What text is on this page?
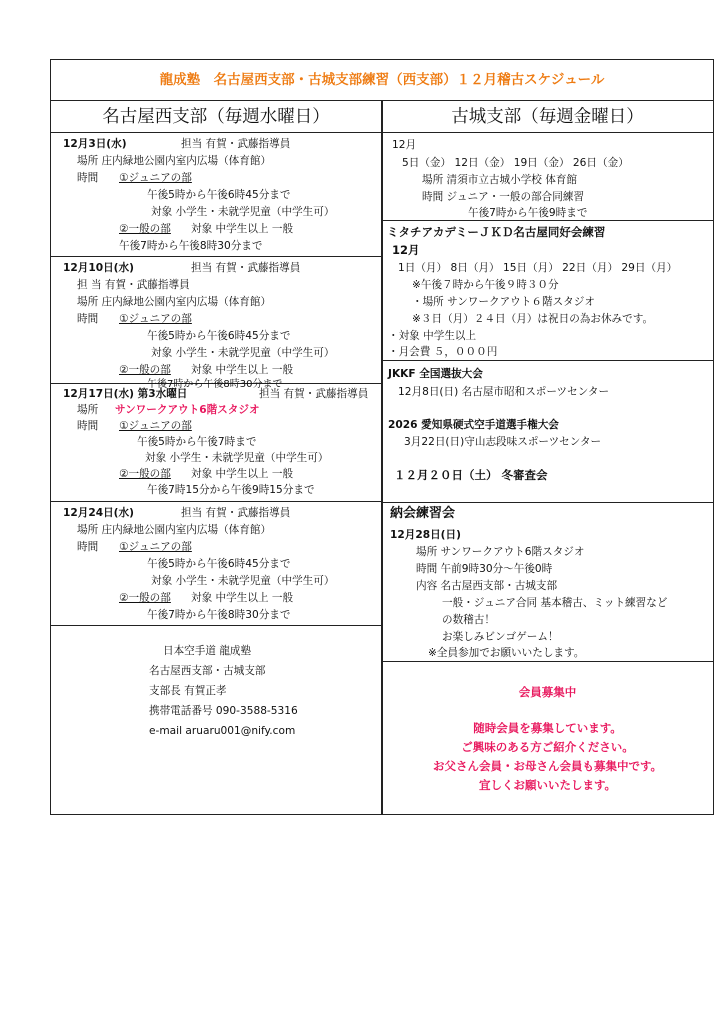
龍成塾　名古屋西支部・古城支部練習（西支部）１２月稽古スケジュール
名古屋西支部（毎週水曜日）	古城支部（毎週金曜日）
12月3日(水)	担当 有賀・武藤指導員
場所 庄内緑地公園内室内広場（体育館）
時間 ①ジュニアの部
午後5時から午後6時45分まで
対象 小学生・未就学児童（中学生可）
②一般の部 対象 中学生以上 一般
午後7時から午後8時30分まで
12月10日(水)	担当 有賀・武藤指導員
担 当 有賀・武藤指導員
場所 庄内緑地公園内室内広場（体育館）
時間 ①ジュニアの部
午後5時から午後6時45分まで
対象 小学生・未就学児童（中学生可）
②一般の部 対象 中学生以上 一般
午後7時から午後8時30分まで
12月17日(水) 第3水曜日	担当 有賀・武藤指導員
場所 サンワークアウト6階スタジオ
時間 ①ジュニアの部
午後5時から午後7時まで
対象 小学生・未就学児童（中学生可）
②一般の部 対象 中学生以上 一般
午後7時15分から午後9時15分まで
12月24日(水)	担当 有賀・武藤指導員
場所 庄内緑地公園内室内広場（体育館）
時間 ①ジュニアの部
午後5時から午後6時45分まで
対象 小学生・未就学児童（中学生可）
②一般の部 対象 中学生以上 一般
午後7時から午後8時30分まで
日本空手道 龍成塾
名古屋西支部・古城支部
支部長 有賀正孝
携帯電話番号 090-3588-5316
e-mail aruaru001@nify.com
12月
5日（金） 12日（金） 19日（金） 26日（金）
場所 清須市立古城小学校 体育館
時間 ジュニア・一般の部合同練習
午後7時から午後9時まで
ミタチアカデミーＪＫＤ名古屋同好会練習
12月
1日（月） 8日（月） 15日（月） 22日（月） 29日（月）
※午後７時から午後９時３０分
・場所 サンワークアウト６階スタジオ
※３日（月）２４日（月）は祝日の為お休みです。
・対象 中学生以上
・月会費 ５，０００円
JKKF 全国選抜大会
12月8日(日) 名古屋市昭和スポーツセンター
2026 愛知県硬式空手道選手権大会
3月22日(日)守山志段味スポーツセンター
１２月２０日（土） 冬審査会
納会練習会
12月28日(日)
場所 サンワークアウト6階スタジオ
時間 午前9時30分～午後0時
内容 名古屋西支部・古城支部
一般・ジュニア合同 基本稽古、ミット練習など
の数稽古！
お楽しみビンゴゲーム！
※全員参加でお願いいたします。
会員募集中
随時会員を募集しています。
ご興味のある方ご紹介ください。
お父さん会員・お母さん会員も募集中です。
宜しくお願いいたします。
